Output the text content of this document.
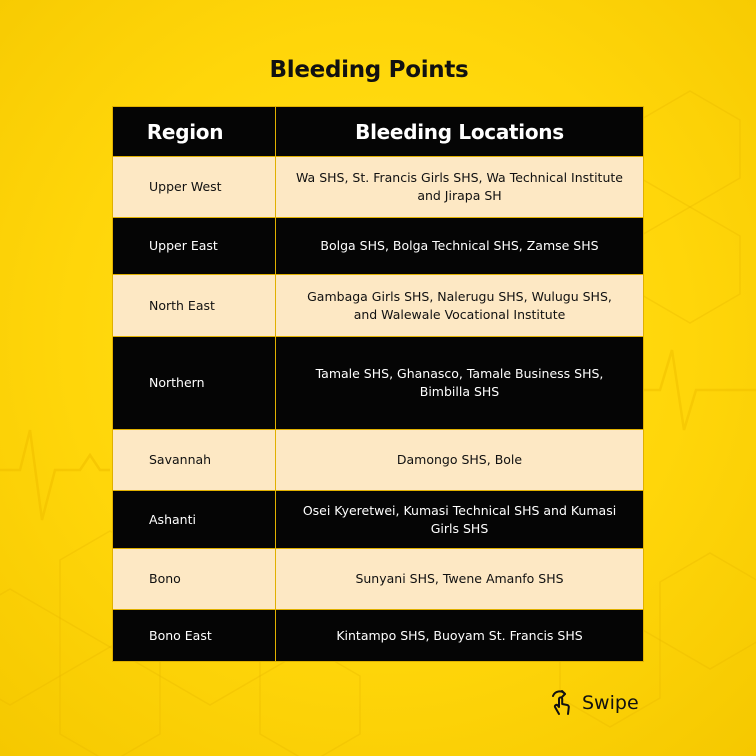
Bleeding Points
Region	Bleeding Locations
Upper West	Wa SHS, St. Francis Girls SHS, Wa Technical Institute and Jirapa SH
Upper East	Bolga SHS, Bolga Technical SHS, Zamse SHS
North East	Gambaga Girls SHS, Nalerugu SHS, Wulugu SHS, and Walewale Vocational Institute
Northern	Tamale SHS, Ghanasco, Tamale Business SHS, Bimbilla SHS
Savannah	Damongo SHS, Bole
Ashanti	Osei Kyeretwei, Kumasi Technical SHS and Kumasi Girls SHS
Bono	Sunyani SHS, Twene Amanfo SHS
Bono East	Kintampo SHS, Buoyam St. Francis SHS
Swipe
